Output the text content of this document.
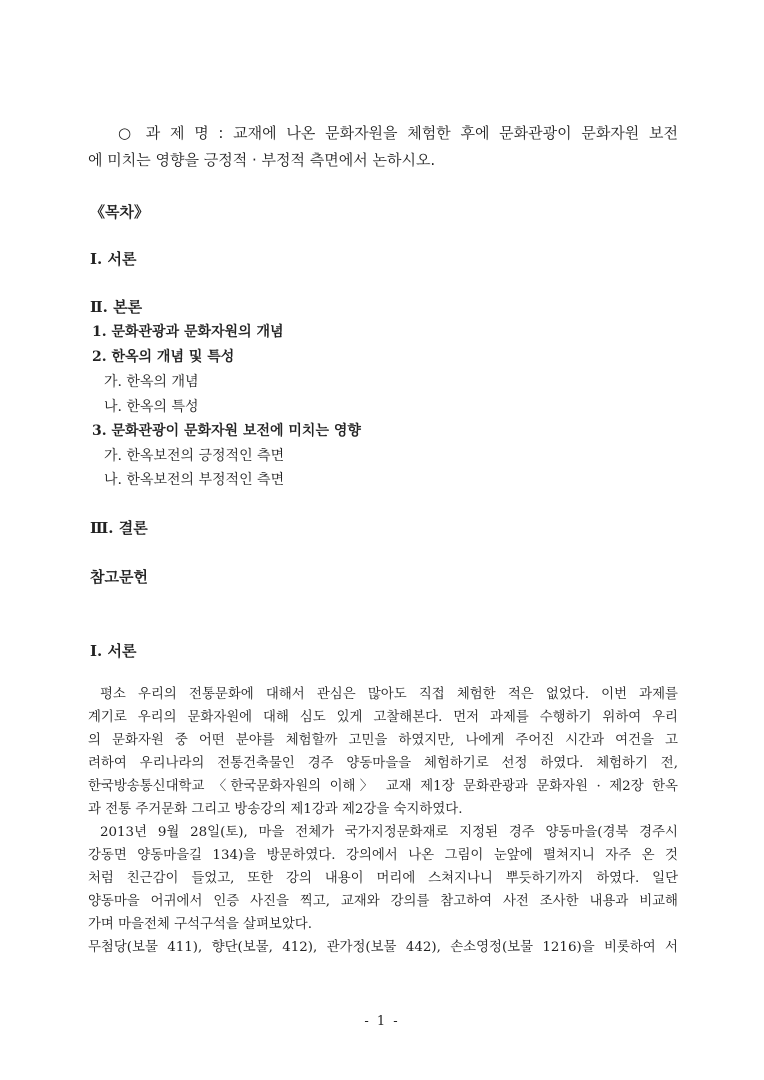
○ 과 제 명 : 교재에 나온 문화자원을 체험한 후에 문화관광이 문화자원 보전
에 미치는 영향을 긍정적 · 부정적 측면에서 논하시오.
《목차》
Ⅰ. 서론
Ⅱ. 본론
1. 문화관광과 문화자원의 개념
2. 한옥의 개념 및 특성
가. 한옥의 개념
나. 한옥의 특성
3. 문화관광이 문화자원 보전에 미치는 영향
가. 한옥보전의 긍정적인 측면
나. 한옥보전의 부정적인 측면
Ⅲ. 결론
참고문헌
Ⅰ. 서론
평소 우리의 전통문화에 대해서 관심은 많아도 직접 체험한 적은 없었다. 이번 과제를
계기로 우리의 문화자원에 대해 심도 있게 고찰해본다. 먼저 과제를 수행하기 위하여 우리
의 문화자원 중 어떤 분야를 체험할까 고민을 하였지만, 나에게 주어진 시간과 여건을 고
려하여 우리나라의 전통건축물인 경주 양동마을을 체험하기로 선정 하였다. 체험하기 전,
한국방송통신대학교 〈한국문화자원의 이해〉 교재 제1장 문화관광과 문화자원 · 제2장 한옥
과 전통 주거문화 그리고 방송강의 제1강과 제2강을 숙지하였다.
2013년 9월 28일(토), 마을 전체가 국가지정문화재로 지정된 경주 양동마을(경북 경주시
강동면 양동마을길 134)을 방문하였다. 강의에서 나온 그림이 눈앞에 펼쳐지니 자주 온 것
처럼 친근감이 들었고, 또한 강의 내용이 머리에 스쳐지나니 뿌듯하기까지 하였다. 일단
양동마을 어귀에서 인증 사진을 찍고, 교재와 강의를 참고하여 사전 조사한 내용과 비교해
가며 마을전체 구석구석을 살펴보았다.
무첨당(보물 411), 향단(보물, 412), 관가정(보물 442), 손소영정(보물 1216)을 비롯하여 서
- 1 -
